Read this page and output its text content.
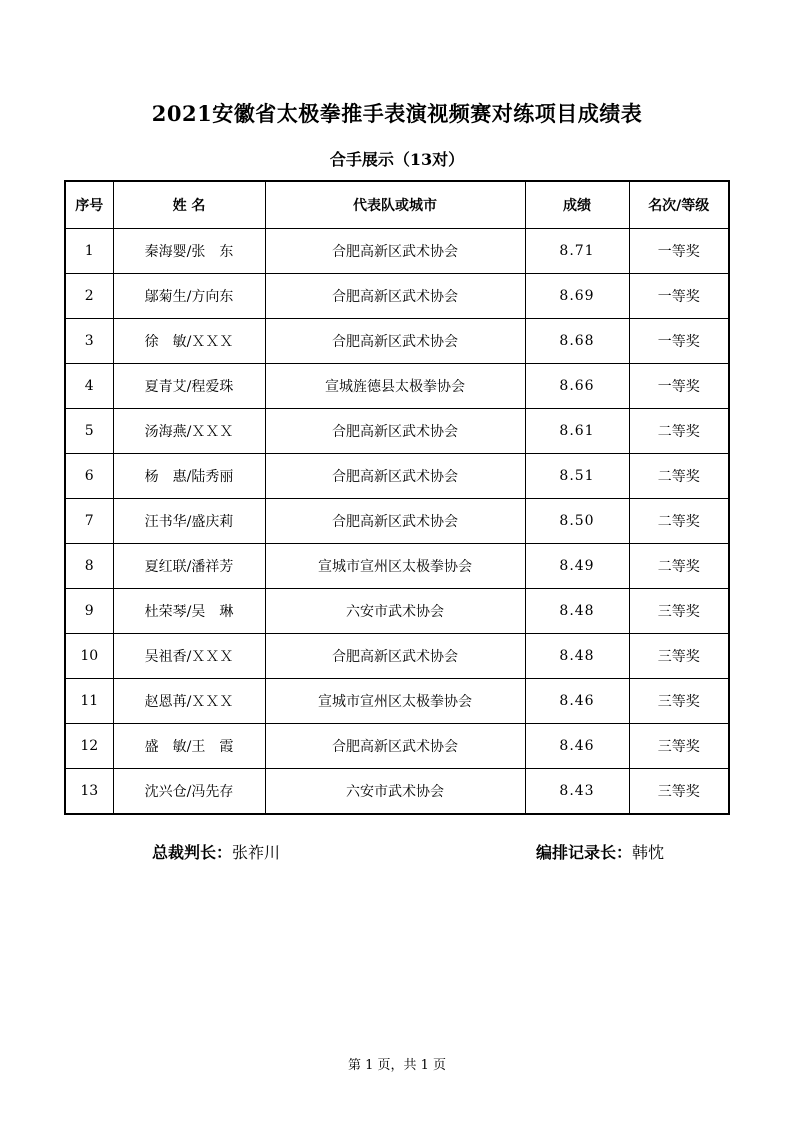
2021安徽省太极拳推手表演视频赛对练项目成绩表
合手展示（13对）
序号	姓 名	代表队或城市	成绩	名次/等级
1	秦海婴/张　东	合肥高新区武术协会	8.71	一等奖
2	鄔菊生/方向东	合肥高新区武术协会	8.69	一等奖
3	徐　敏/ＸＸＸ	合肥高新区武术协会	8.68	一等奖
4	夏青艾/程爱珠	宣城旌德县太极拳协会	8.66	一等奖
5	汤海燕/ＸＸＸ	合肥高新区武术协会	8.61	二等奖
6	杨　惠/陆秀丽	合肥高新区武术协会	8.51	二等奖
7	汪书华/盛庆莉	合肥高新区武术协会	8.50	二等奖
8	夏红联/潘祥芳	宣城市宣州区太极拳协会	8.49	二等奖
9	杜荣琴/吴　琳	六安市武术协会	8.48	三等奖
10	吴祖香/ＸＸＸ	合肥高新区武术协会	8.48	三等奖
11	赵恩苒/ＸＸＸ	宣城市宣州区太极拳协会	8.46	三等奖
12	盛　敏/王　霞	合肥高新区武术协会	8.46	三等奖
13	沈兴仓/冯先存	六安市武术协会	8.43	三等奖
总裁判长：张祚川	编排记录长：韩忱
第 1 页，共 1 页
